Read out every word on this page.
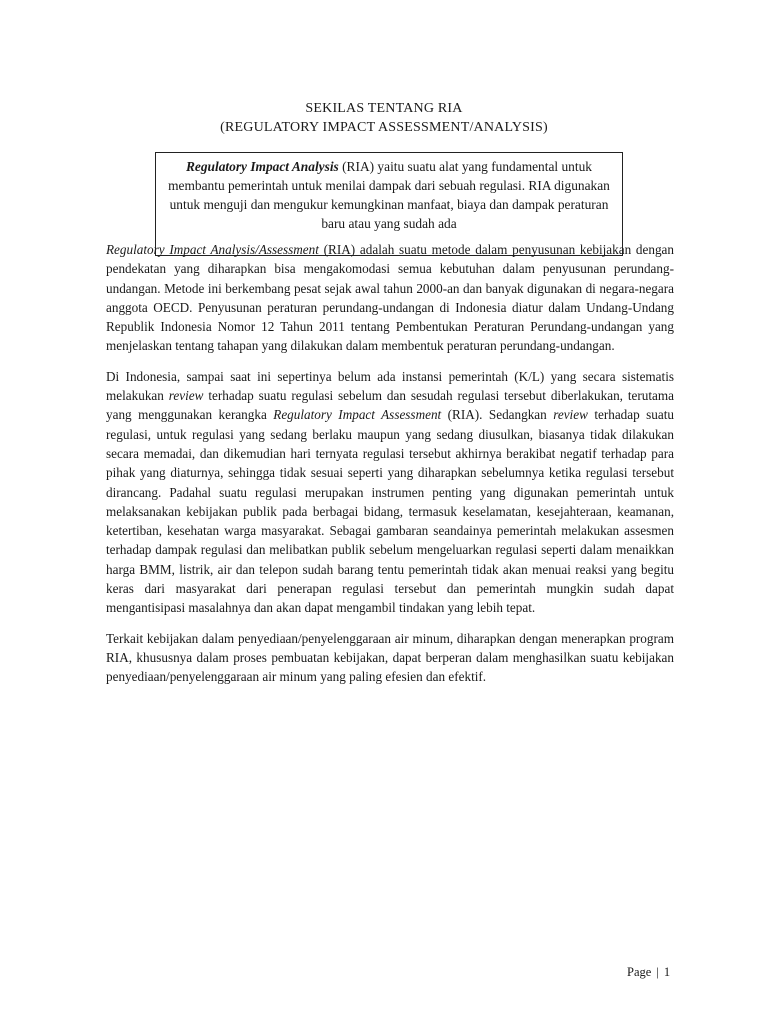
SEKILAS TENTANG RIA
(REGULATORY IMPACT ASSESSMENT/ANALYSIS)
Regulatory Impact Analysis (RIA) yaitu suatu alat yang fundamental untuk membantu pemerintah untuk menilai dampak dari sebuah regulasi. RIA digunakan untuk menguji dan mengukur kemungkinan manfaat, biaya dan dampak peraturan baru atau yang sudah ada

Regulatory Impact Analysis/Assessment (RIA) adalah suatu metode dalam penyusunan kebijakan dengan pendekatan yang diharapkan bisa mengakomodasi semua kebutuhan dalam penyusunan perundang-undangan. Metode ini berkembang pesat sejak awal tahun 2000-an dan banyak digunakan di negara-negara anggota OECD. Penyusunan peraturan perundang-undangan di Indonesia diatur dalam Undang-Undang Republik Indonesia Nomor 12 Tahun 2011 tentang Pembentukan Peraturan Perundang-undangan yang menjelaskan tentang tahapan yang dilakukan dalam membentuk peraturan perundang-undangan.

Di Indonesia, sampai saat ini sepertinya belum ada instansi pemerintah (K/L) yang secara sistematis melakukan review terhadap suatu regulasi sebelum dan sesudah regulasi tersebut diberlakukan, terutama yang menggunakan kerangka Regulatory Impact Assessment (RIA). Sedangkan review terhadap suatu regulasi, untuk regulasi yang sedang berlaku maupun yang sedang diusulkan, biasanya tidak dilakukan secara memadai, dan dikemudian hari ternyata regulasi tersebut akhirnya berakibat negatif terhadap para pihak yang diaturnya, sehingga tidak sesuai seperti yang diharapkan sebelumnya ketika regulasi tersebut dirancang. Padahal suatu regulasi merupakan instrumen penting yang digunakan pemerintah untuk melaksanakan kebijakan publik pada berbagai bidang, termasuk keselamatan, kesejahteraan, keamanan, ketertiban, kesehatan warga masyarakat. Sebagai gambaran seandainya pemerintah melakukan assesmen terhadap dampak regulasi dan melibatkan publik sebelum mengeluarkan regulasi seperti dalam menaikkan harga BMM, listrik, air dan telepon sudah barang tentu pemerintah tidak akan menuai reaksi yang begitu keras dari masyarakat dari penerapan regulasi tersebut dan pemerintah mungkin sudah dapat mengantisipasi masalahnya dan akan dapat mengambil tindakan yang lebih tepat.

Terkait kebijakan dalam penyediaan/penyelenggaraan air minum, diharapkan dengan menerapkan program RIA, khususnya dalam proses pembuatan kebijakan, dapat berperan dalam menghasilkan suatu kebijakan penyediaan/penyelenggaraan air minum yang paling efesien dan efektif.

Page | 1
